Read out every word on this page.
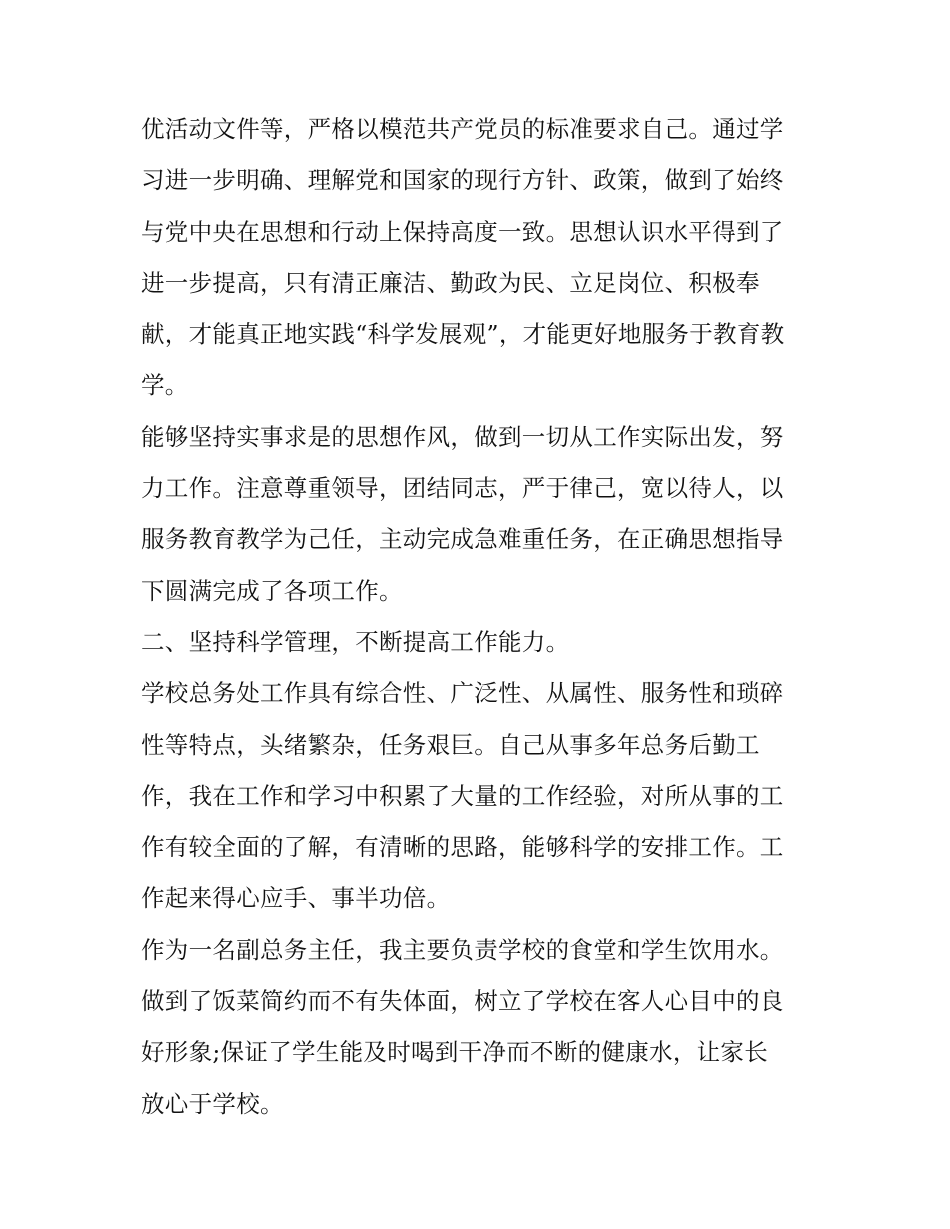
优活动文件等，严格以模范共产党员的标准要求自己。通过学
习进一步明确、理解党和国家的现行方针、政策，做到了始终
与党中央在思想和行动上保持高度一致。思想认识水平得到了
进一步提高，只有清正廉洁、勤政为民、立足岗位、积极奉
献，才能真正地实践“科学发展观”，才能更好地服务于教育教
学。
能够坚持实事求是的思想作风，做到一切从工作实际出发，努
力工作。注意尊重领导，团结同志，严于律己，宽以待人，以
服务教育教学为己任，主动完成急难重任务，在正确思想指导
下圆满完成了各项工作。
二、坚持科学管理，不断提高工作能力。
学校总务处工作具有综合性、广泛性、从属性、服务性和琐碎
性等特点，头绪繁杂，任务艰巨。自己从事多年总务后勤工
作，我在工作和学习中积累了大量的工作经验，对所从事的工
作有较全面的了解，有清晰的思路，能够科学的安排工作。工
作起来得心应手、事半功倍。
作为一名副总务主任，我主要负责学校的食堂和学生饮用水。
做到了饭菜简约而不有失体面，树立了学校在客人心目中的良
好形象;保证了学生能及时喝到干净而不断的健康水，让家长
放心于学校。
